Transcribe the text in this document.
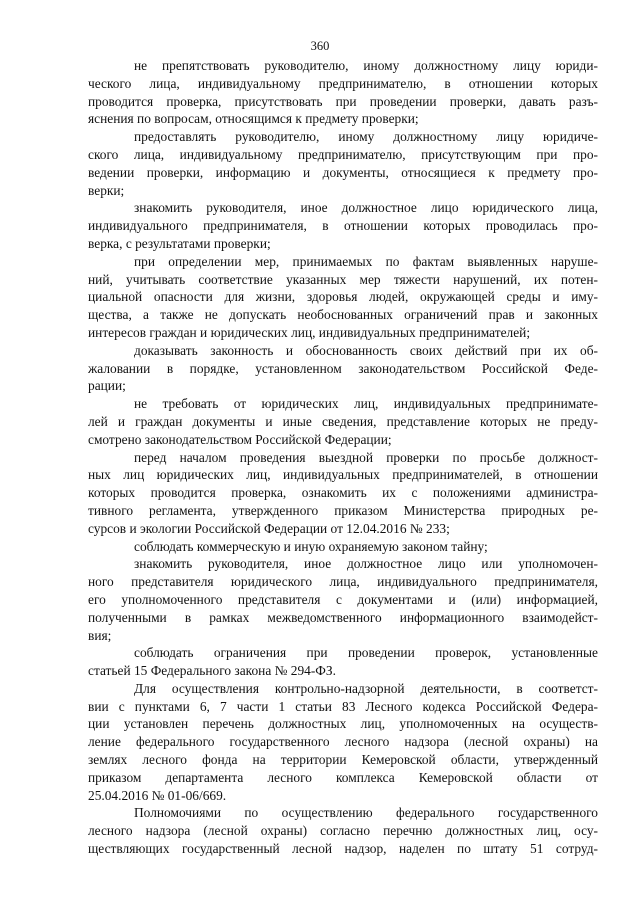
360
не препятствовать руководителю, иному должностному лицу юриди-
ческого лица, индивидуальному предпринимателю, в отношении которых
проводится проверка, присутствовать при проведении проверки, давать разъ-
яснения по вопросам, относящимся к предмету проверки;
предоставлять руководителю, иному должностному лицу юридиче-
ского лица, индивидуальному предпринимателю, присутствующим при про-
ведении проверки, информацию и документы, относящиеся к предмету про-
верки;
знакомить руководителя, иное должностное лицо юридического лица,
индивидуального предпринимателя, в отношении которых проводилась про-
верка, с результатами проверки;
при определении мер, принимаемых по фактам выявленных наруше-
ний, учитывать соответствие указанных мер тяжести нарушений, их потен-
циальной опасности для жизни, здоровья людей, окружающей среды и иму-
щества, а также не допускать необоснованных ограничений прав и законных
интересов граждан и юридических лиц, индивидуальных предпринимателей;
доказывать законность и обоснованность своих действий при их об-
жаловании в порядке, установленном законодательством Российской Феде-
рации;
не требовать от юридических лиц, индивидуальных предпринимате-
лей и граждан документы и иные сведения, представление которых не преду-
смотрено законодательством Российской Федерации;
перед началом проведения выездной проверки по просьбе должност-
ных лиц юридических лиц, индивидуальных предпринимателей, в отношении
которых проводится проверка, ознакомить их с положениями администра-
тивного регламента, утвержденного приказом Министерства природных ре-
сурсов и экологии Российской Федерации от 12.04.2016 № 233;
соблюдать коммерческую и иную охраняемую законом тайну;
знакомить руководителя, иное должностное лицо или уполномочен-
ного представителя юридического лица, индивидуального предпринимателя,
его уполномоченного представителя с документами и (или) информацией,
полученными в рамках межведомственного информационного взаимодейст-
вия;
соблюдать ограничения при проведении проверок, установленные
статьей 15 Федерального закона № 294-ФЗ.
Для осуществления контрольно-надзорной деятельности, в соответст-
вии с пунктами 6, 7 части 1 статьи 83 Лесного кодекса Российской Федера-
ции установлен перечень должностных лиц, уполномоченных на осуществ-
ление федерального государственного лесного надзора (лесной охраны) на
землях лесного фонда на территории Кемеровской области, утвержденный
приказом департамента лесного комплекса Кемеровской области от
25.04.2016 № 01-06/669.
Полномочиями по осуществлению федерального государственного
лесного надзора (лесной охраны) согласно перечню должностных лиц, осу-
ществляющих государственный лесной надзор, наделен по штату 51 сотруд-
